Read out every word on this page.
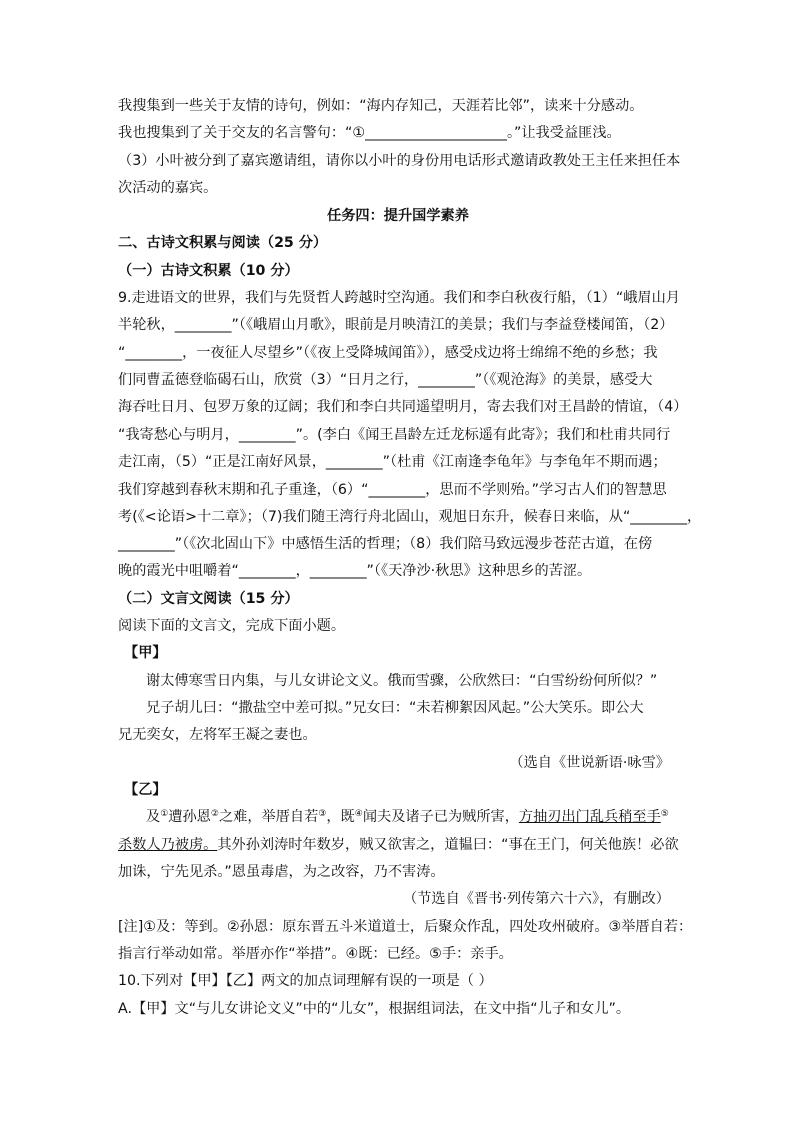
我搜集到一些关于友情的诗句，例如：“海内存知己，天涯若比邻”，读来十分感动。
我也搜集到了关于交友的名言警句：“①____________________。”让我受益匪浅。
（3）小叶被分到了嘉宾邀请组，请你以小叶的身份用电话形式邀请政教处王主任来担任本
次活动的嘉宾。
任务四：提升国学素养
二、古诗文积累与阅读（25 分）
（一）古诗文积累（10 分）
9.走进语文的世界，我们与先贤哲人跨越时空沟通。我们和李白秋夜行船，（1）“峨眉山月
半轮秋，________”（《峨眉山月歌》，眼前是月映清江的美景；我们与李益登楼闻笛，（2）
“________，一夜征人尽望乡”（《夜上受降城闻笛》），感受戍边将士绵绵不绝的乡愁；我
们同曹孟德登临碣石山，欣赏（3）“日月之行，________”（《观沧海》的美景，感受大
海吞吐日月、包罗万象的辽阔；我们和李白共同遥望明月，寄去我们对王昌龄的情谊，（4）
“我寄愁心与明月，________”。(李白《闻王昌龄左迁龙标遥有此寄》；我们和杜甫共同行
走江南，（5）“正是江南好风景，________”（杜甫《江南逢李龟年》与李龟年不期而遇；
我们穿越到春秋末期和孔子重逢，（6）“________，思而不学则殆。”学习古人们的智慧思
考(《<论语>十二章》；（7)我们随王湾行舟北固山，观旭日东升，候春日来临，从“________，
________”（《次北固山下》中感悟生活的哲理；（8）我们陪马致远漫步苍茫古道，在傍
晚的霞光中咀嚼着“________，________”（《天净沙·秋思》这种思乡的苦涩。
（二）文言文阅读（15 分）
阅读下面的文言文，完成下面小题。
【甲】
谢太傅寒雪日内集，与儿女讲论文义。俄而雪骤，公欣然曰：“白雪纷纷何所似？”
兄子胡儿曰：“撒盐空中差可拟。”兄女曰：“未若柳絮因风起。”公大笑乐。即公大
兄无奕女，左将军王凝之妻也。
（选自《世说新语·咏雪》
【乙】
及①遭孙恩②之难，举厝自若③，既④闻夫及诸子已为贼所害，方抽刃出门乱兵稍至手⑤
杀数人乃被虏。其外孙刘涛时年数岁，贼又欲害之，道韫曰：“事在王门，何关他族！必欲
加诛，宁先见杀。”恩虽毒虐，为之改容，乃不害涛。
（节选自《晋书·列传第六十六》，有删改）
[注]①及：等到。②孙恩：原东晋五斗米道道士，后聚众作乱，四处攻州破府。③举厝自若：
指言行举动如常。举厝亦作“举措”。④既：已经。⑤手：亲手。
10.下列对【甲】【乙】两文的加点词理解有误的一项是（ ）
A.【甲】文“与儿女讲论文义”中的“儿女”，根据组词法，在文中指“儿子和女儿”。
